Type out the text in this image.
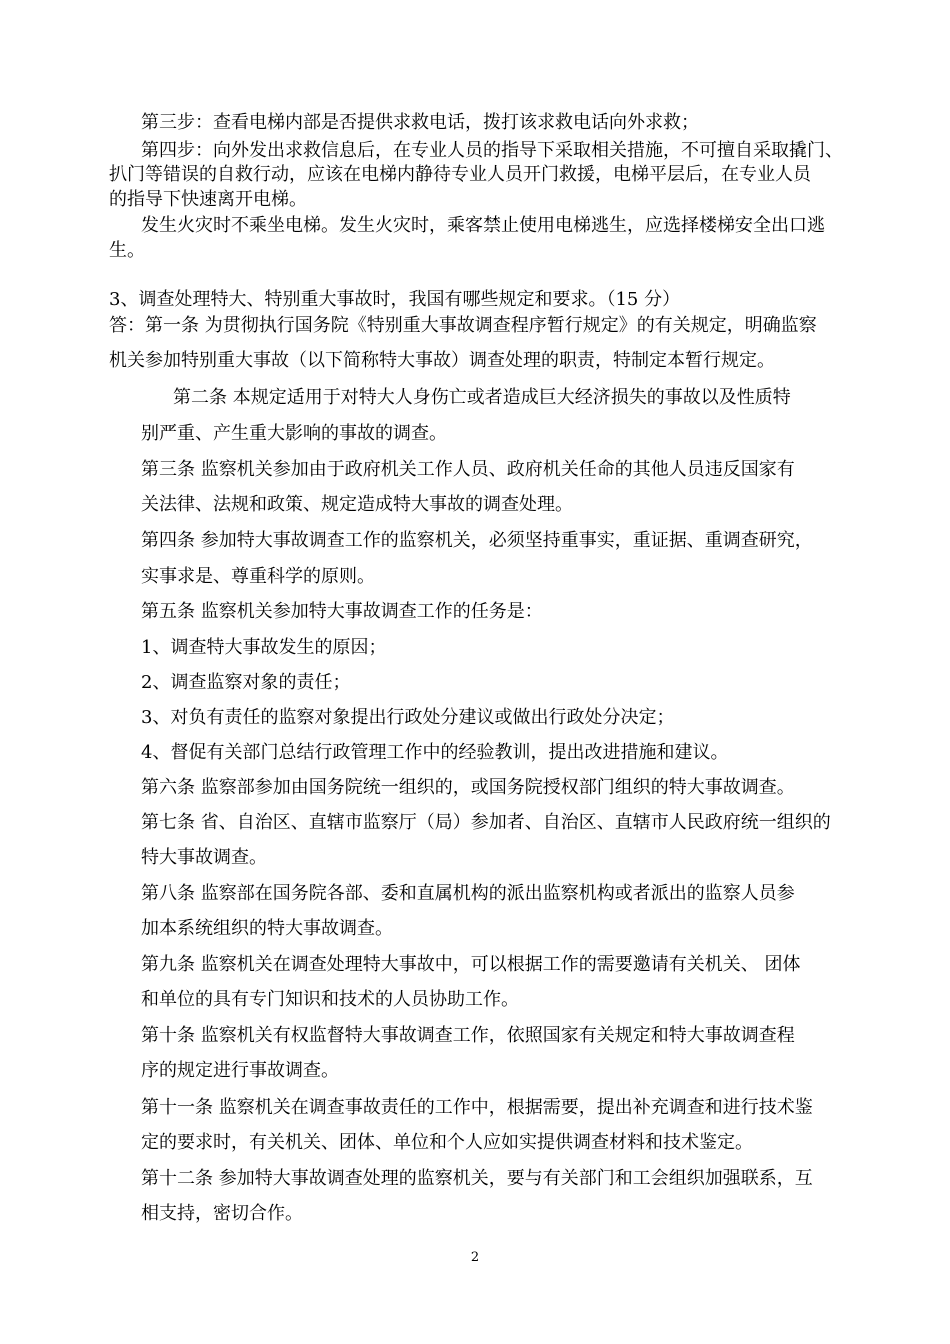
第三步：查看电梯内部是否提供求救电话，拨打该求救电话向外求救；
第四步：向外发出求救信息后，在专业人员的指导下采取相关措施，不可擅自采取撬门、
扒门等错误的自救行动，应该在电梯内静待专业人员开门救援，电梯平层后，在专业人员
的指导下快速离开电梯。
发生火灾时不乘坐电梯。发生火灾时，乘客禁止使用电梯逃生，应选择楼梯安全出口逃
生。
3、调查处理特大、特别重大事故时，我国有哪些规定和要求。（15 分）
答：第一条 为贯彻执行国务院《特别重大事故调查程序暂行规定》的有关规定，明确监察
机关参加特别重大事故（以下简称特大事故）调查处理的职责，特制定本暂行规定。
第二条 本规定适用于对特大人身伤亡或者造成巨大经济损失的事故以及性质特
别严重、产生重大影响的事故的调查。
第三条 监察机关参加由于政府机关工作人员、政府机关任命的其他人员违反国家有
关法律、法规和政策、规定造成特大事故的调查处理。
第四条 参加特大事故调查工作的监察机关，必须坚持重事实，重证据、重调查研究，
实事求是、尊重科学的原则。
第五条 监察机关参加特大事故调查工作的任务是：
1、调查特大事故发生的原因；
2、调查监察对象的责任；
3、对负有责任的监察对象提出行政处分建议或做出行政处分决定；
4、督促有关部门总结行政管理工作中的经验教训，提出改进措施和建议。
第六条 监察部参加由国务院统一组织的，或国务院授权部门组织的特大事故调查。
第七条 省、自治区、直辖市监察厅（局）参加者、自治区、直辖市人民政府统一组织的
特大事故调查。
第八条 监察部在国务院各部、委和直属机构的派出监察机构或者派出的监察人员参
加本系统组织的特大事故调查。
第九条 监察机关在调查处理特大事故中，可以根据工作的需要邀请有关机关、 团体
和单位的具有专门知识和技术的人员协助工作。
第十条 监察机关有权监督特大事故调查工作，依照国家有关规定和特大事故调查程
序的规定进行事故调查。
第十一条 监察机关在调查事故责任的工作中，根据需要，提出补充调查和进行技术鉴
定的要求时，有关机关、团体、单位和个人应如实提供调查材料和技术鉴定。
第十二条 参加特大事故调查处理的监察机关，要与有关部门和工会组织加强联系，互
相支持，密切合作。
2
